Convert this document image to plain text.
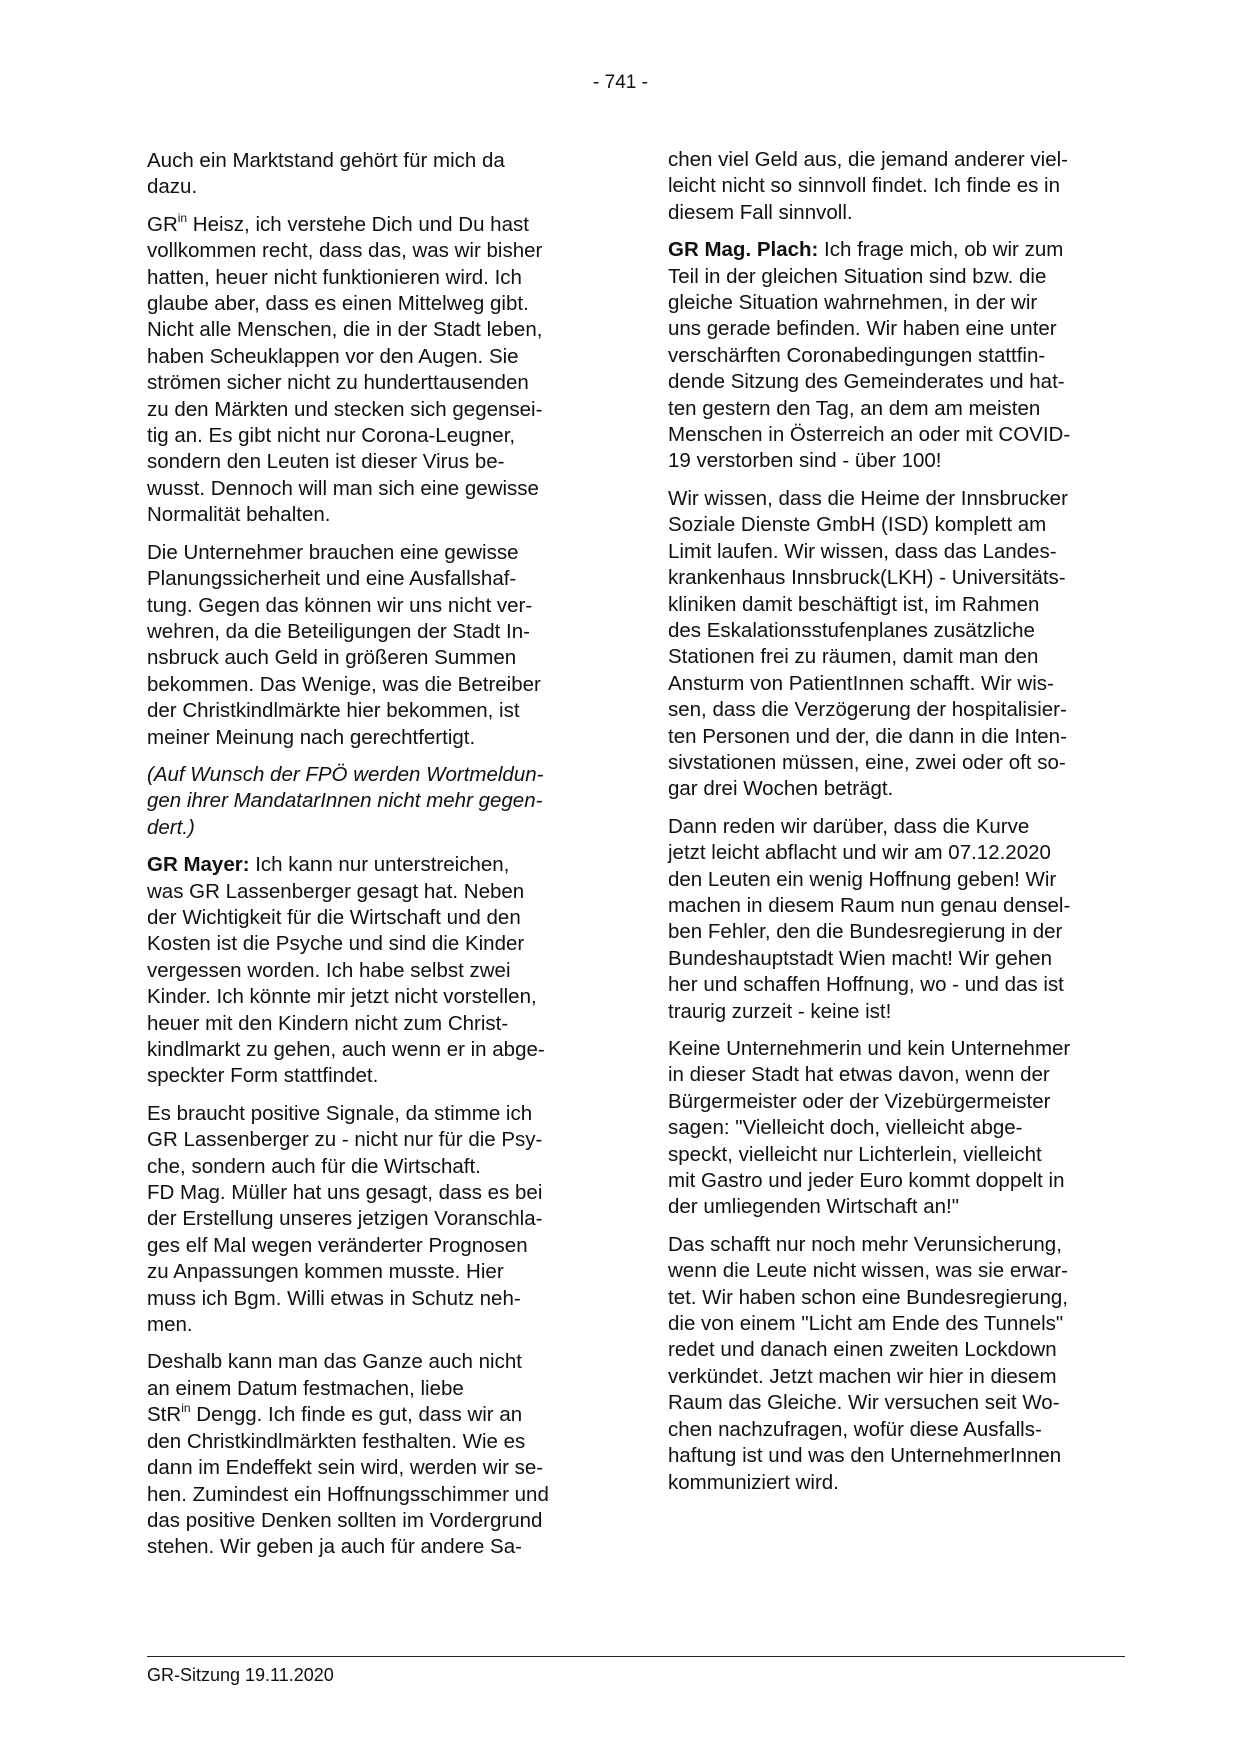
- 741 -

Auch ein Marktstand gehört für mich da
dazu.

$GR^{in}$ Heisz, ich verstehe Dich und Du hast
vollkommen recht, dass das, was wir bisher
hatten, heuer nicht funktionieren wird. Ich
glaube aber, dass es einen Mittelweg gibt.
Nicht alle Menschen, die in der Stadt leben,
haben Scheuklappen vor den Augen. Sie
strömen sicher nicht zu hunderttausenden
zu den Märkten und stecken sich gegensei-
tig an. Es gibt nicht nur Corona-Leugner,
sondern den Leuten ist dieser Virus be-
wusst. Dennoch will man sich eine gewisse
Normalität behalten.

Die Unternehmer brauchen eine gewisse
Planungssicherheit und eine Ausfallshaf-
tung. Gegen das können wir uns nicht ver-
wehren, da die Beteiligungen der Stadt In-
nsbruck auch Geld in größeren Summen
bekommen. Das Wenige, was die Betreiber
der Christkindlmärkte hier bekommen, ist
meiner Meinung nach gerechtfertigt.

(Auf Wunsch der FPÖ werden Wortmeldun-
gen ihrer MandatarInnen nicht mehr gegen-
dert.)

GR Mayer: Ich kann nur unterstreichen,
was GR Lassenberger gesagt hat. Neben
der Wichtigkeit für die Wirtschaft und den
Kosten ist die Psyche und sind die Kinder
vergessen worden. Ich habe selbst zwei
Kinder. Ich könnte mir jetzt nicht vorstellen,
heuer mit den Kindern nicht zum Christ-
kindlmarkt zu gehen, auch wenn er in abge-
speckter Form stattfindet.

Es braucht positive Signale, da stimme ich
GR Lassenberger zu - nicht nur für die Psy-
che, sondern auch für die Wirtschaft.
FD Mag. Müller hat uns gesagt, dass es bei
der Erstellung unseres jetzigen Voranschla-
ges elf Mal wegen veränderter Prognosen
zu Anpassungen kommen musste. Hier
muss ich Bgm. Willi etwas in Schutz neh-
men.

Deshalb kann man das Ganze auch nicht
an einem Datum festmachen, liebe
StR$^{in}$ Dengg. Ich finde es gut, dass wir an
den Christkindlmärkten festhalten. Wie es
dann im Endeffekt sein wird, werden wir se-
hen. Zumindest ein Hoffnungsschimmer und
das positive Denken sollten im Vordergrund
stehen. Wir geben ja auch für andere Sa-

chen viel Geld aus, die jemand anderer viel-
leicht nicht so sinnvoll findet. Ich finde es in
diesem Fall sinnvoll.

GR Mag. Plach: Ich frage mich, ob wir zum
Teil in der gleichen Situation sind bzw. die
gleiche Situation wahrnehmen, in der wir
uns gerade befinden. Wir haben eine unter
verschärften Coronabedingungen stattfin-
dende Sitzung des Gemeinderates und hat-
ten gestern den Tag, an dem am meisten
Menschen in Österreich an oder mit COVID-
19 verstorben sind - über 100!

Wir wissen, dass die Heime der Innsbrucker
Soziale Dienste GmbH (ISD) komplett am
Limit laufen. Wir wissen, dass das Landes-
krankenhaus Innsbruck(LKH) - Universitäts-
kliniken damit beschäftigt ist, im Rahmen
des Eskalationsstufenplanes zusätzliche
Stationen frei zu räumen, damit man den
Ansturm von PatientInnen schafft. Wir wis-
sen, dass die Verzögerung der hospitalisier-
ten Personen und der, die dann in die Inten-
sivstationen müssen, eine, zwei oder oft so-
gar drei Wochen beträgt.

Dann reden wir darüber, dass die Kurve
jetzt leicht abflacht und wir am 07.12.2020
den Leuten ein wenig Hoffnung geben! Wir
machen in diesem Raum nun genau densel-
ben Fehler, den die Bundesregierung in der
Bundeshauptstadt Wien macht! Wir gehen
her und schaffen Hoffnung, wo - und das ist
traurig zurzeit - keine ist!

Keine Unternehmerin und kein Unternehmer
in dieser Stadt hat etwas davon, wenn der
Bürgermeister oder der Vizebürgermeister
sagen: "Vielleicht doch, vielleicht abge-
speckt, vielleicht nur Lichterlein, vielleicht
mit Gastro und jeder Euro kommt doppelt in
der umliegenden Wirtschaft an!"

Das schafft nur noch mehr Verunsicherung,
wenn die Leute nicht wissen, was sie erwar-
tet. Wir haben schon eine Bundesregierung,
die von einem "Licht am Ende des Tunnels"
redet und danach einen zweiten Lockdown
verkündet. Jetzt machen wir hier in diesem
Raum das Gleiche. Wir versuchen seit Wo-
chen nachzufragen, wofür diese Ausfalls-
haftung ist und was den UnternehmerInnen
kommuniziert wird.

GR-Sitzung 19.11.2020
